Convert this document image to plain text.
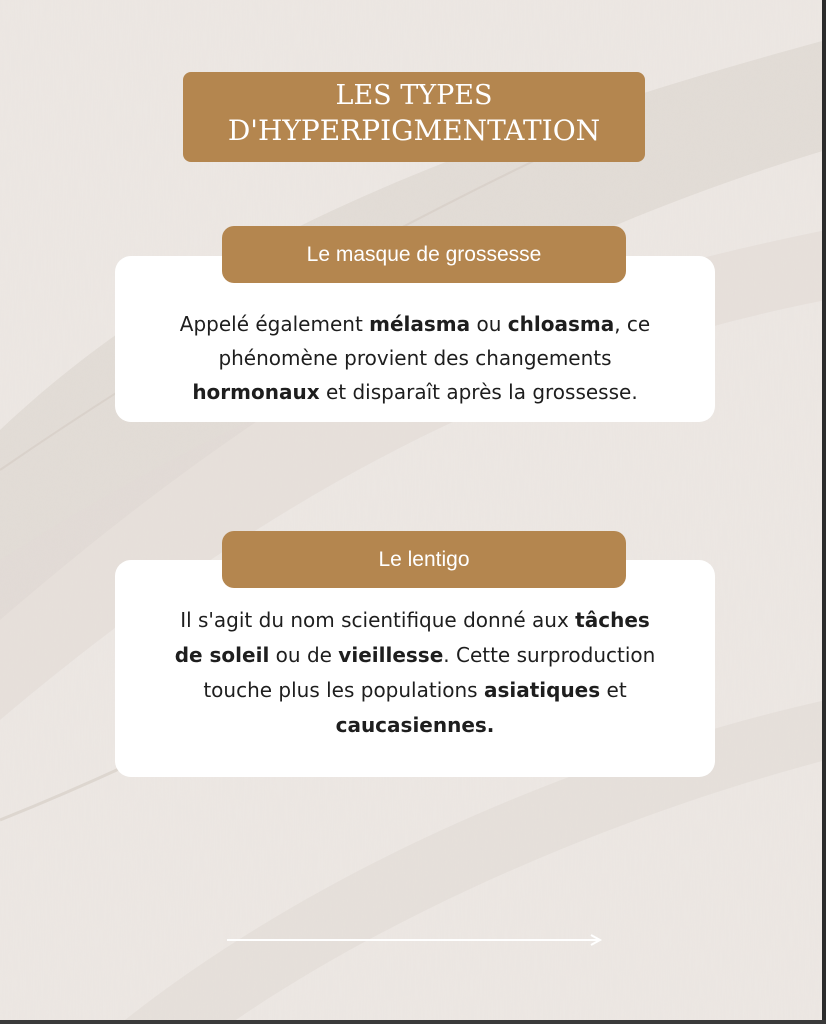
LES TYPES
D'HYPERPIGMENTATION
Le masque de grossesse
Appelé également mélasma ou chloasma, ce
phénomène provient des changements
hormonaux et disparaît après la grossesse.
Le lentigo
Il s'agit du nom scientifique donné aux tâches
de soleil ou de vieillesse. Cette surproduction
touche plus les populations asiatiques et
caucasiennes.
